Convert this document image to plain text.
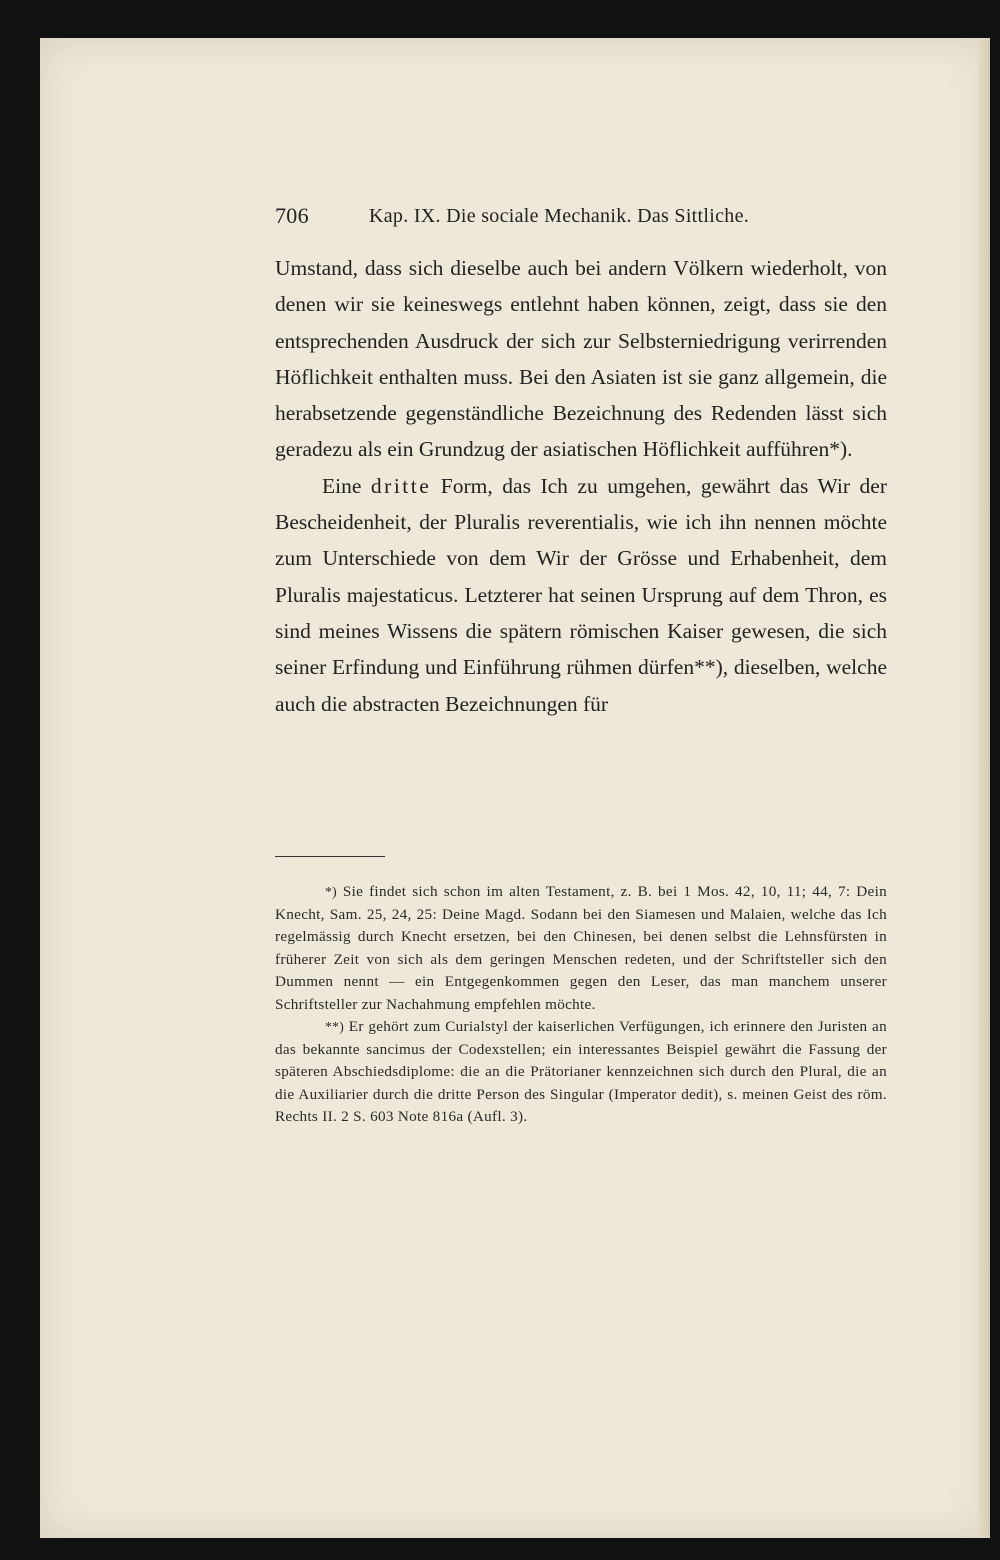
706	Kap. IX. Die sociale Mechanik. Das Sittliche.

Umstand, dass sich dieselbe auch bei andern Völkern wiederholt, von denen wir sie keineswegs entlehnt haben können, zeigt, dass sie den entsprechenden Ausdruck der sich zur Selbsterniedrigung verirrenden Höflichkeit enthalten muss. Bei den Asiaten ist sie ganz allgemein, die herabsetzende gegenständliche Bezeichnung des Redenden lässt sich geradezu als ein Grundzug der asiatischen Höflichkeit aufführen*).

Eine dritte Form, das Ich zu umgehen, gewährt das Wir der Bescheidenheit, der Pluralis reverentialis, wie ich ihn nennen möchte zum Unterschiede von dem Wir der Grösse und Erhabenheit, dem Pluralis majestaticus. Letzterer hat seinen Ursprung auf dem Thron, es sind meines Wissens die spätern römischen Kaiser gewesen, die sich seiner Erfindung und Einführung rühmen dürfen**), dieselben, welche auch die abstracten Bezeichnungen für

*) Sie findet sich schon im alten Testament, z. B. bei 1 Mos. 42, 10, 11; 44, 7: Dein Knecht, Sam. 25, 24, 25: Deine Magd. Sodann bei den Siamesen und Malaien, welche das Ich regelmässig durch Knecht ersetzen, bei den Chinesen, bei denen selbst die Lehnsfürsten in früherer Zeit von sich als dem geringen Menschen redeten, und der Schriftsteller sich den Dummen nennt — ein Entgegenkommen gegen den Leser, das man manchem unserer Schriftsteller zur Nachahmung empfehlen möchte.

**) Er gehört zum Curialstyl der kaiserlichen Verfügungen, ich erinnere den Juristen an das bekannte sancimus der Codexstellen; ein interessantes Beispiel gewährt die Fassung der späteren Abschiedsdiplome: die an die Prätorianer kennzeichnen sich durch den Plural, die an die Auxiliarier durch die dritte Person des Singular (Imperator dedit), s. meinen Geist des röm. Rechts II. 2 S. 603 Note 816a (Aufl. 3).
